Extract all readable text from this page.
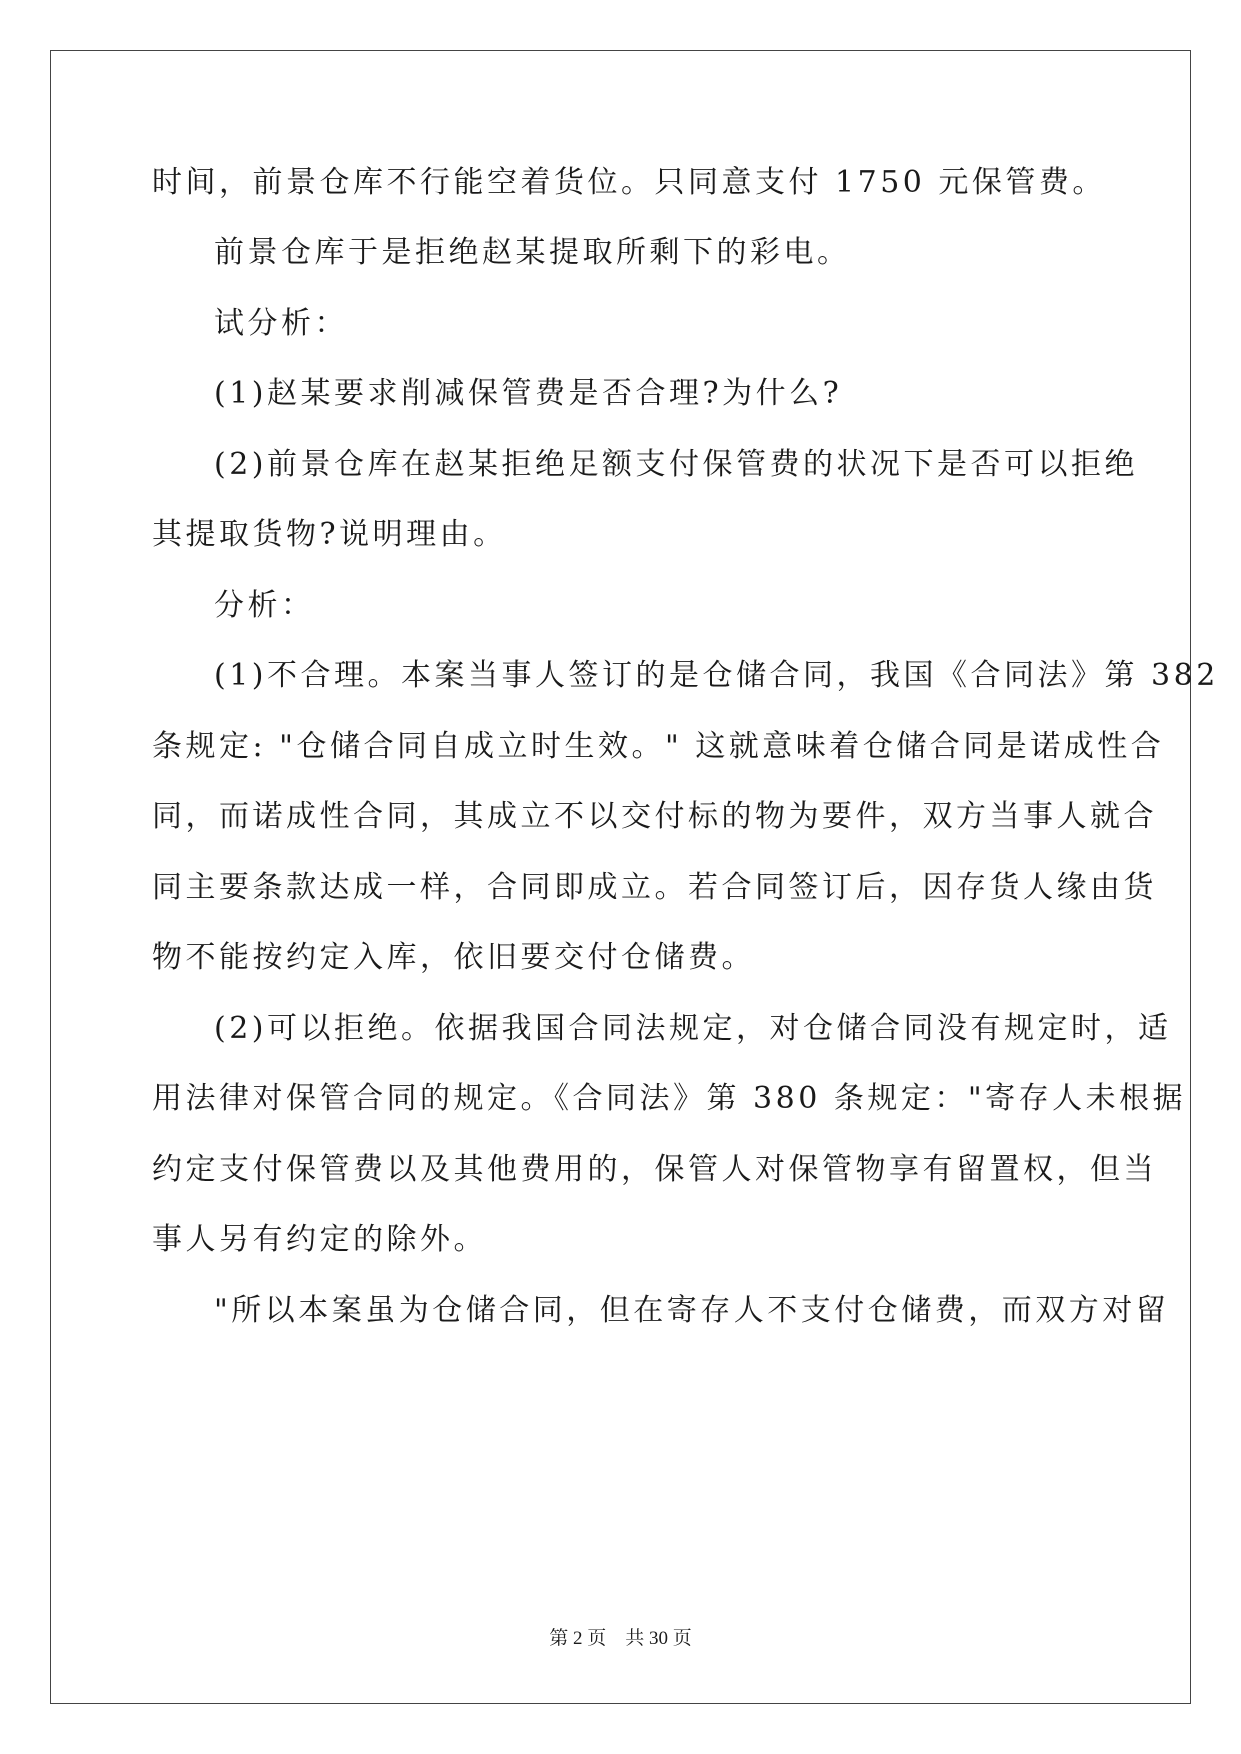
时间，前景仓库不行能空着货位。只同意支付 1750 元保管费。
前景仓库于是拒绝赵某提取所剩下的彩电。
试分析：
(1)赵某要求削减保管费是否合理?为什么?
(2)前景仓库在赵某拒绝足额支付保管费的状况下是否可以拒绝
其提取货物?说明理由。
分析：
(1)不合理。本案当事人签订的是仓储合同，我国《合同法》第 382
条规定: "仓储合同自成立时生效。" 这就意味着仓储合同是诺成性合
同，而诺成性合同，其成立不以交付标的物为要件，双方当事人就合
同主要条款达成一样，合同即成立。若合同签订后，因存货人缘由货
物不能按约定入库，依旧要交付仓储费。
(2)可以拒绝。依据我国合同法规定，对仓储合同没有规定时，适
用法律对保管合同的规定。《合同法》第 380 条规定："寄存人未根据
约定支付保管费以及其他费用的，保管人对保管物享有留置权，但当
事人另有约定的除外。
"所以本案虽为仓储合同，但在寄存人不支付仓储费，而双方对留
第 2 页　共 30 页
